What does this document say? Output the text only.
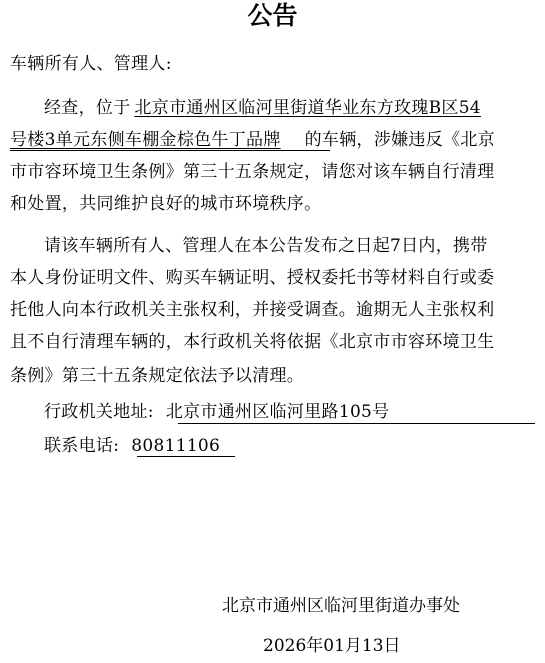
公告
车辆所有人、管理人:
经查，位于 北京市通州区临河里街道华业东方玫瑰B区54
号楼3单元东侧车棚金棕色牛丁品牌 的车辆，涉嫌违反《北京
市市容环境卫生条例》第三十五条规定，请您对该车辆自行清理
和处置，共同维护良好的城市环境秩序。
请该车辆所有人、管理人在本公告发布之日起7日内，携带
本人身份证明文件、购买车辆证明、授权委托书等材料自行或委
托他人向本行政机关主张权利，并接受调查。逾期无人主张权利
且不自行清理车辆的，本行政机关将依据《北京市市容环境卫生
条例》第三十五条规定依法予以清理。
行政机关地址: 北京市通州区临河里路105号
联系电话: 80811106
北京市通州区临河里街道办事处
2026年01月13日
